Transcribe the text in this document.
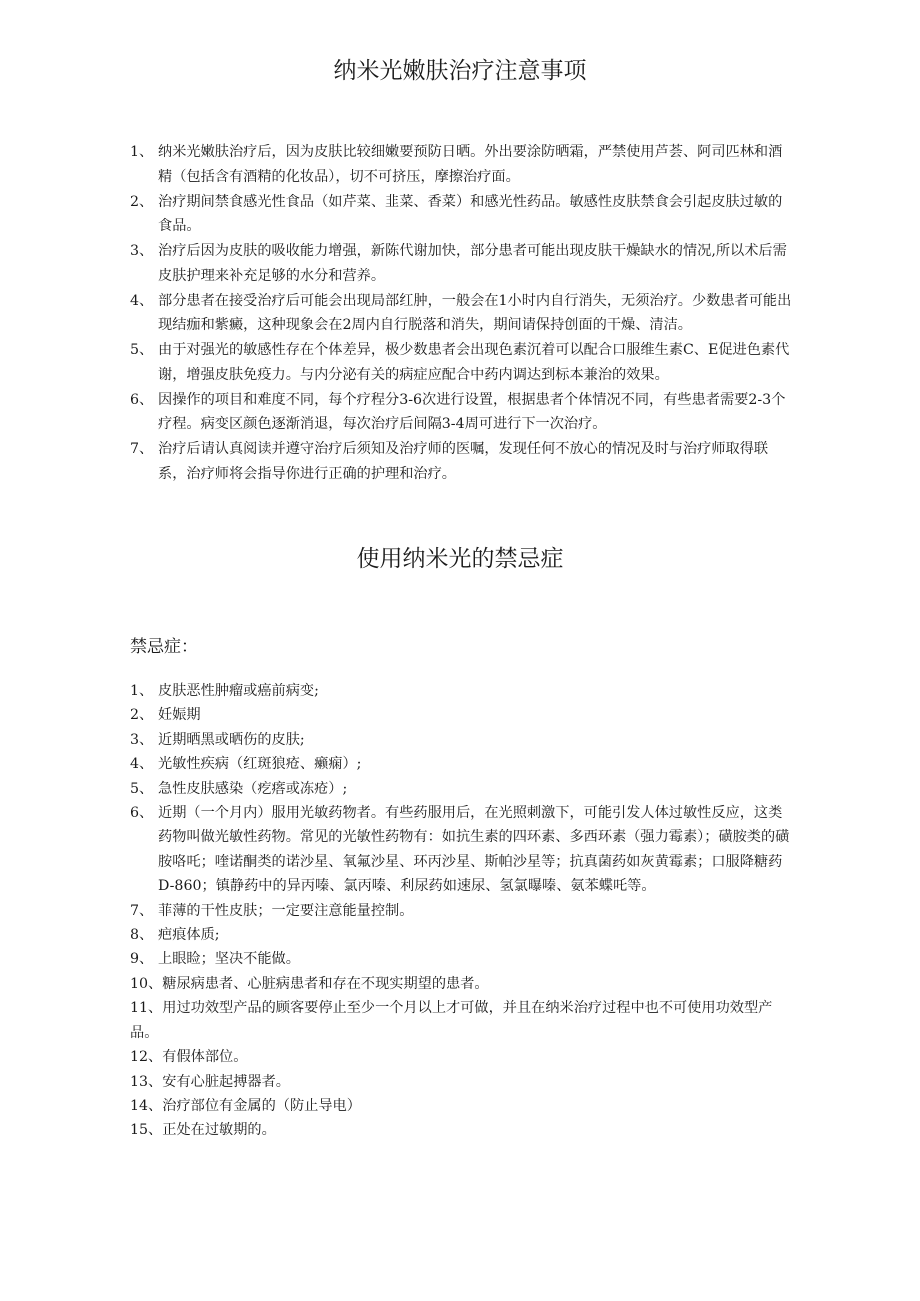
纳米光嫩肤治疗注意事项
1、 纳米光嫩肤治疗后，因为皮肤比较细嫩要预防日晒。外出要涂防晒霜，严禁使用芦荟、阿司匹林和酒精（包括含有酒精的化妆品），切不可挤压，摩擦治疗面。
2、 治疗期间禁食感光性食品（如芹菜、韭菜、香菜）和感光性药品。敏感性皮肤禁食会引起皮肤过敏的食品。
3、 治疗后因为皮肤的吸收能力增强，新陈代谢加快，部分患者可能出现皮肤干燥缺水的情况,所以术后需皮肤护理来补充足够的水分和营养。
4、 部分患者在接受治疗后可能会出现局部红肿，一般会在1小时内自行消失，无须治疗。少数患者可能出现结痂和紫癜，这种现象会在2周内自行脱落和消失，期间请保持创面的干燥、清洁。
5、 由于对强光的敏感性存在个体差异，极少数患者会出现色素沉着可以配合口服维生素C、E促进色素代谢，增强皮肤免疫力。与内分泌有关的病症应配合中药内调达到标本兼治的效果。
6、 因操作的项目和难度不同，每个疗程分3-6次进行设置，根据患者个体情况不同，有些患者需要2-3个疗程。病变区颜色逐渐消退，每次治疗后间隔3-4周可进行下一次治疗。
7、 治疗后请认真阅读并遵守治疗后须知及治疗师的医嘱，发现任何不放心的情况及时与治疗师取得联系，治疗师将会指导你进行正确的护理和治疗。
使用纳米光的禁忌症
禁忌症：
1、 皮肤恶性肿瘤或癌前病变;
2、 妊娠期
3、 近期晒黑或晒伤的皮肤;
4、 光敏性疾病（红斑狼疮、癞痫）;
5、 急性皮肤感染（疙瘩或冻疮）;
6、 近期（一个月内）服用光敏药物者。有些药服用后，在光照刺激下，可能引发人体过敏性反应，这类药物叫做光敏性药物。常见的光敏性药物有：如抗生素的四环素、多西环素（强力霉素）；磺胺类的磺胺咯吒；喹诺酮类的诺沙星、氧氟沙星、环丙沙星、斯帕沙星等；抗真菌药如灰黄霉素；口服降糖药D-860；镇静药中的异丙嗪、氯丙嗪、利尿药如速尿、氢氯曝嗪、氨苯蝶吒等。
7、 菲薄的干性皮肤；一定要注意能量控制。
8、 疤痕体质;
9、 上眼睑；坚决不能做。
10、糖尿病患者、心脏病患者和存在不现实期望的患者。
11、用过功效型产品的顾客要停止至少一个月以上才可做，并且在纳米治疗过程中也不可使用功效型产品。
12、有假体部位。
13、安有心脏起搏器者。
14、治疗部位有金属的（防止导电）
15、正处在过敏期的。
